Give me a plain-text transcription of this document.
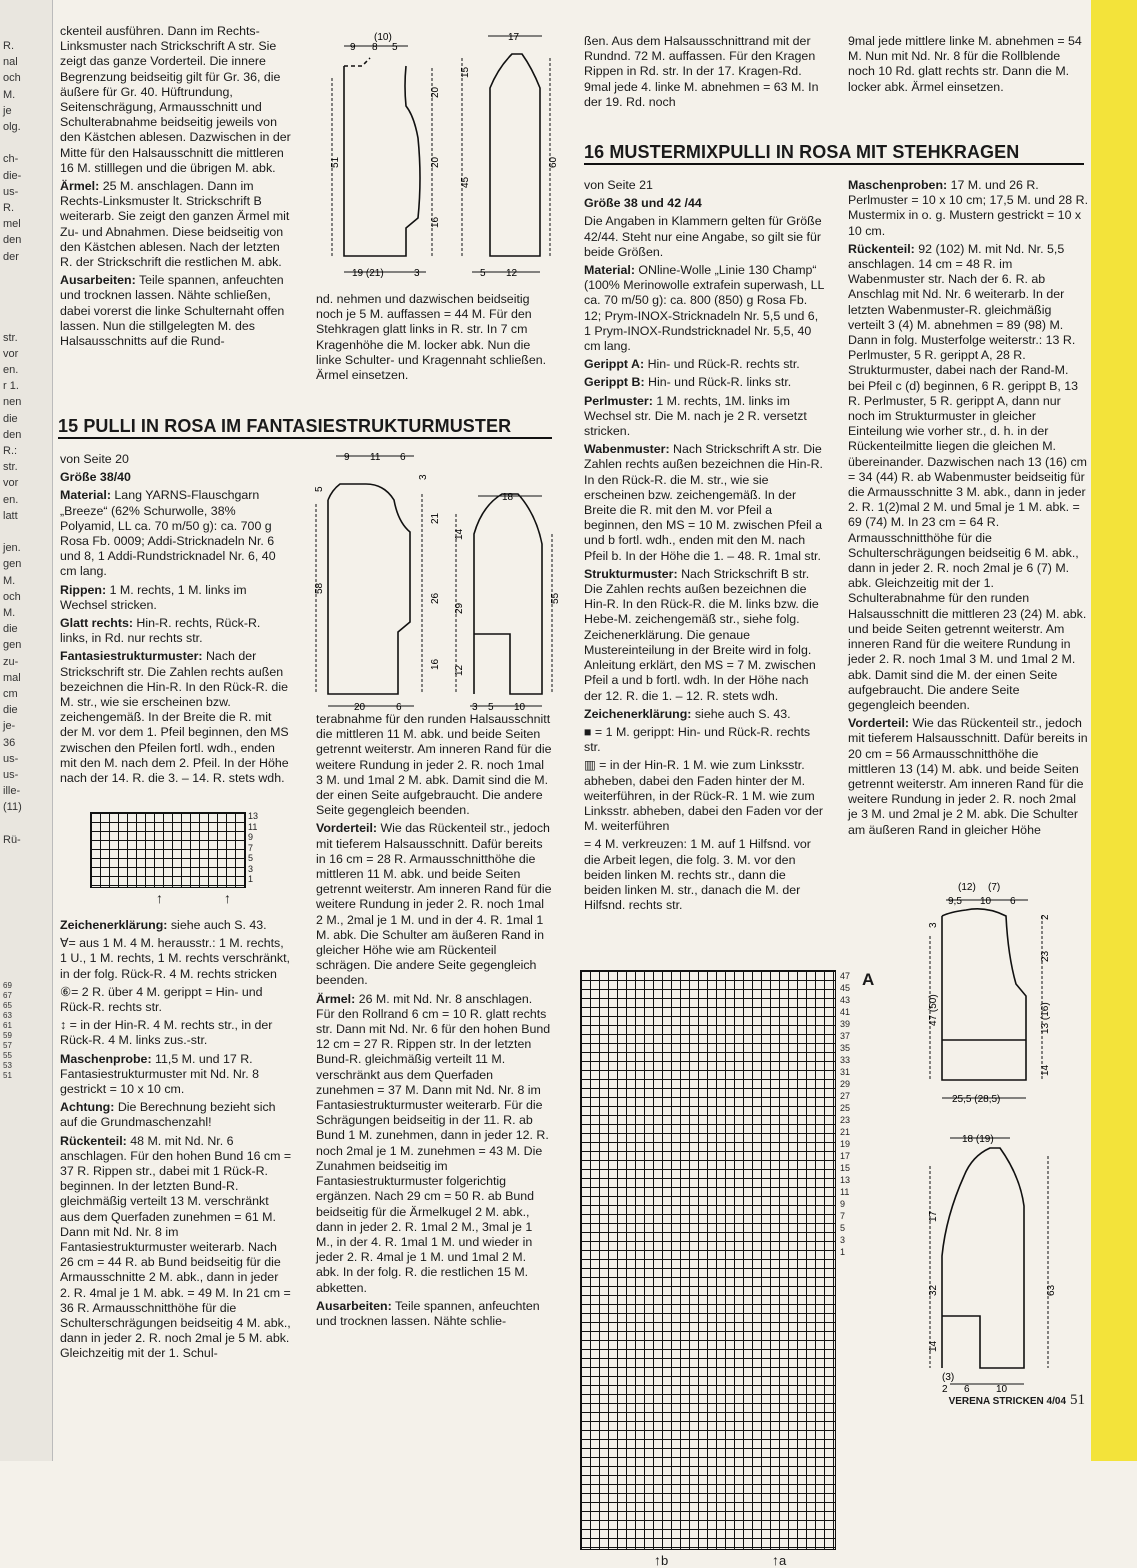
R.
nal
och
M.
je
olg.
ch-
die-
us-
R.
mel
den
der
str.
vor
en.
r 1.
nen
die
den
R.:
str.
vor
en.
latt
jen.
gen
M.
och
M.
die
gen
zu-
mal
cm
die
je-
36
us-
us-
ille-
(11)
Rü-
69
67
65
63
61
59
57
55
53
51

ckenteil ausführen. Dann im Rechts-Linksmuster nach Strickschrift A str. Sie zeigt das ganze Vorderteil. Die innere Begrenzung beidseitig gilt für Gr. 36, die äußere für Gr. 40. Hüftrundung, Seitenschrägung, Armausschnitt und Schulterabnahme beidseitig jeweils von den Kästchen ablesen. Dazwischen in der Mitte für den Halsausschnitt die mittleren 16 M. stilllegen und die übrigen M. abk.

Ärmel: 25 M. anschlagen. Dann im Rechts-Linksmuster lt. Strickschrift B weiterarb. Sie zeigt den ganzen Ärmel mit Zu- und Abnahmen. Diese beidseitig von den Kästchen ablesen. Nach der letzten R. der Strickschrift die restlichen M. abk.

Ausarbeiten: Teile spannen, anfeuchten und trocknen lassen. Nähte schließen, dabei vorerst die linke Schulternaht offen lassen. Nun die stillgelegten M. des Halsausschnitts auf die Rund-

(10)
9 8 5
17
51
20
20
16
15
45
60
19 (21)	3	5 12

nd. nehmen und dazwischen beidseitig noch je 5 M. auffassen = 44 M. Für den Stehkragen glatt links in R. str. In 7 cm Kragenhöhe die M. locker abk. Nun die linke Schulter- und Kragennaht schließen. Ärmel einsetzen.

ßen. Aus dem Halsausschnittrand mit der Rundnd. 72 M. auffassen. Für den Kragen Rippen in Rd. str. In der 17. Kragen-Rd. 9mal jede 4. linke M. abnehmen = 63 M. In der 19. Rd. noch

9mal jede mittlere linke M. abnehmen = 54 M. Nun mit Nd. Nr. 8 für die Rollblende noch 10 Rd. glatt rechts str. Dann die M. locker abk. Ärmel einsetzen.

16 MUSTERMIXPULLI IN ROSA MIT STEHKRAGEN
15 PULLI IN ROSA IM FANTASIESTRUKTURMUSTER

von Seite 20

Größe 38/40

Material: Lang YARNS-Flauschgarn „Breeze“ (62% Schurwolle, 38% Polyamid, LL ca. 70 m/50 g): ca. 700 g Rosa Fb. 0009; Addi-Stricknadeln Nr. 6 und 8, 1 Addi-Rundstricknadel Nr. 6, 40 cm lang.

Rippen: 1 M. rechts, 1 M. links im Wechsel stricken.

Glatt rechts: Hin-R. rechts, Rück-R. links, in Rd. nur rechts str.

Fantasiestrukturmuster: Nach der Strickschrift str. Die Zahlen rechts außen bezeichnen die Hin-R. In den Rück-R. die M. str., wie sie erscheinen bzw. zeichengemäß. In der Breite die R. mit der M. vor dem 1. Pfeil beginnen, den MS zwischen den Pfeilen fortl. wdh., enden mit den M. nach dem 2. Pfeil. In der Höhe nach der 14. R. die 3. – 14. R. stets wdh.

13
11
9
7
5
3
1
↑	↑

Zeichenerklärung: siehe auch S. 43.

∀= aus 1 M. 4 M. herausstr.: 1 M. rechts, 1 U., 1 M. rechts, 1 M. rechts verschränkt, in der folg. Rück-R. 4 M. rechts stricken

⑥= 2 R. über 4 M. gerippt = Hin- und Rück-R. rechts str.

↕ = in der Hin-R. 4 M. rechts str., in der Rück-R. 4 M. links zus.-str.

Maschenprobe: 11,5 M. und 17 R. Fantasiestrukturmuster mit Nd. Nr. 8 gestrickt = 10 x 10 cm.

Achtung: Die Berechnung bezieht sich auf die Grundmaschenzahl!

Rückenteil: 48 M. mit Nd. Nr. 6 anschlagen. Für den hohen Bund 16 cm = 37 R. Rippen str., dabei mit 1 Rück-R. beginnen. In der letzten Bund-R. gleichmäßig verteilt 13 M. verschränkt aus dem Querfaden zunehmen = 61 M. Dann mit Nd. Nr. 8 im Fantasiestrukturmuster weiterarb. Nach 26 cm = 44 R. ab Bund beidseitig für die Armausschnitte 2 M. abk., dann in jeder 2. R. 4mal je 1 M. abk. = 49 M. In 21 cm = 36 R. Armausschnitthöhe für die Schulterschrägungen beidseitig 4 M. abk., dann in jeder 2. R. noch 2mal je 5 M. abk. Gleichzeitig mit der 1. Schul-

9 11 6
18
5
58
3
21
26
16
14
29
12
55
20	6	3 5 10

terabnahme für den runden Halsausschnitt die mittleren 11 M. abk. und beide Seiten getrennt weiterstr. Am inneren Rand für die weitere Rundung in jeder 2. R. noch 1mal 3 M. und 1mal 2 M. abk. Damit sind die M. der einen Seite aufgebraucht. Die andere Seite gegengleich beenden.

Vorderteil: Wie das Rückenteil str., jedoch mit tieferem Halsausschnitt. Dafür bereits in 16 cm = 28 R. Armausschnitthöhe die mittleren 11 M. abk. und beide Seiten getrennt weiterstr. Am inneren Rand für die weitere Rundung in jeder 2. R. noch 1mal 2 M., 2mal je 1 M. und in der 4. R. 1mal 1 M. abk. Die Schulter am äußeren Rand in gleicher Höhe wie am Rückenteil schrägen. Die andere Seite gegengleich beenden.

Ärmel: 26 M. mit Nd. Nr. 8 anschlagen. Für den Rollrand 6 cm = 10 R. glatt rechts str. Dann mit Nd. Nr. 6 für den hohen Bund 12 cm = 27 R. Rippen str. In der letzten Bund-R. gleichmäßig verteilt 11 M. verschränkt aus dem Querfaden zunehmen = 37 M. Dann mit Nd. Nr. 8 im Fantasiestrukturmuster weiterarb. Für die Schrägungen beidseitig in der 11. R. ab Bund 1 M. zunehmen, dann in jeder 12. R. noch 2mal je 1 M. zunehmen = 43 M. Die Zunahmen beidseitig im Fantasiestrukturmuster folgerichtig ergänzen. Nach 29 cm = 50 R. ab Bund beidseitig für die Ärmelkugel 2 M. abk., dann in jeder 2. R. 1mal 2 M., 3mal je 1 M., in der 4. R. 1mal 1 M. und wieder in jeder 2. R. 4mal je 1 M. und 1mal 2 M. abk. In der folg. R. die restlichen 15 M. abketten.

Ausarbeiten: Teile spannen, anfeuchten und trocknen lassen. Nähte schlie-

von Seite 21

Größe 38 und 42 /44

Die Angaben in Klammern gelten für Größe 42/44. Steht nur eine Angabe, so gilt sie für beide Größen.

Material: ONline-Wolle „Linie 130 Champ“ (100% Merinowolle extrafein superwash, LL ca. 70 m/50 g): ca. 800 (850) g Rosa Fb. 12; Prym-INOX-Stricknadeln Nr. 5,5 und 6, 1 Prym-INOX-Rundstricknadel Nr. 5,5, 40 cm lang.

Gerippt A: Hin- und Rück-R. rechts str.

Gerippt B: Hin- und Rück-R. links str.

Perlmuster: 1 M. rechts, 1M. links im Wechsel str. Die M. nach je 2 R. versetzt stricken.

Wabenmuster: Nach Strickschrift A str. Die Zahlen rechts außen bezeichnen die Hin-R. In den Rück-R. die M. str., wie sie erscheinen bzw. zeichengemäß. In der Breite die R. mit den M. vor Pfeil a beginnen, den MS = 10 M. zwischen Pfeil a und b fortl. wdh., enden mit den M. nach Pfeil b. In der Höhe die 1. – 48. R. 1mal str.

Strukturmuster: Nach Strickschrift B str. Die Zahlen rechts außen bezeichnen die Hin-R. In den Rück-R. die M. links bzw. die Hebe-M. zeichengemäß str., siehe folg. Zeichenerklärung. Die genaue Mustereinteilung in der Breite wird in folg. Anleitung erklärt, den MS = 7 M. zwischen Pfeil a und b fortl. wdh. In der Höhe nach der 12. R. die 1. – 12. R. stets wdh.

Zeichenerklärung: siehe auch S. 43.

■ = 1 M. gerippt: Hin- und Rück-R. rechts str.

▥ = in der Hin-R. 1 M. wie zum Linksstr. abheben, dabei den Faden hinter der M. weiterführen, in der Rück-R. 1 M. wie zum Linksstr. abheben, dabei den Faden vor der M. weiterführen

= 4 M. verkreuzen: 1 M. auf 1 Hilfsnd. vor die Arbeit legen, die folg. 3. M. vor den beiden linken M. rechts str., dann die beiden linken M. str., danach die M. der Hilfsnd. rechts str.

47
45
43
41
39
37
35
33
31
29
27
25
23
21
19
17
15
13
11
9
7
5
3
1
A
↑b	↑a

Maschenproben: 17 M. und 26 R. Perlmuster = 10 x 10 cm; 17,5 M. und 28 R. Mustermix in o. g. Mustern gestrickt = 10 x 10 cm.

Rückenteil: 92 (102) M. mit Nd. Nr. 5,5 anschlagen. 14 cm = 48 R. im Wabenmuster str. Nach der 6. R. ab Anschlag mit Nd. Nr. 6 weiterarb. In der letzten Wabenmuster-R. gleichmäßig verteilt 3 (4) M. abnehmen = 89 (98) M. Dann in folg. Musterfolge weiterstr.: 13 R. Perlmuster, 5 R. gerippt A, 28 R. Strukturmuster, dabei nach der Rand-M. bei Pfeil c (d) beginnen, 6 R. gerippt B, 13 R. Perlmuster, 5 R. gerippt A, dann nur noch im Strukturmuster in gleicher Einteilung wie vorher str., d. h. in der Rückenteilmitte liegen die gleichen M. übereinander. Dazwischen nach 13 (16) cm = 34 (44) R. ab Wabenmuster beidseitig für die Armausschnitte 3 M. abk., dann in jeder 2. R. 1(2)mal 2 M. und 5mal je 1 M. abk. = 69 (74) M. In 23 cm = 64 R. Armausschnitthöhe für die Schulterschrägungen beidseitig 6 M. abk., dann in jeder 2. R. noch 2mal je 6 (7) M. abk. Gleichzeitig mit der 1. Schulterabnahme für den runden Halsausschnitt die mittleren 23 (24) M. abk. und beide Seiten getrennt weiterstr. Am inneren Rand für die weitere Rundung in jeder 2. R. noch 1mal 3 M. und 1mal 2 M. abk. Damit sind die M. der einen Seite aufgebraucht. Die andere Seite gegengleich beenden.

Vorderteil: Wie das Rückenteil str., jedoch mit tieferem Halsausschnitt. Dafür bereits in 20 cm = 56 Armausschnitthöhe die mittleren 13 (14) M. abk. und beide Seiten getrennt weiterstr. Am inneren Rand für die weitere Rundung in jeder 2. R. noch 2mal je 3 M. und 2mal je 2 M. abk. Die Schulter am äußeren Rand in gleicher Höhe

(12) (7)
9,5 10 6
3
47 (50)
2
23
13 (16)
14
25,5 (28,5)
18 (19)
17
32
14
63
(3)
2 6	10
VERENA STRICKEN 4/04 51
